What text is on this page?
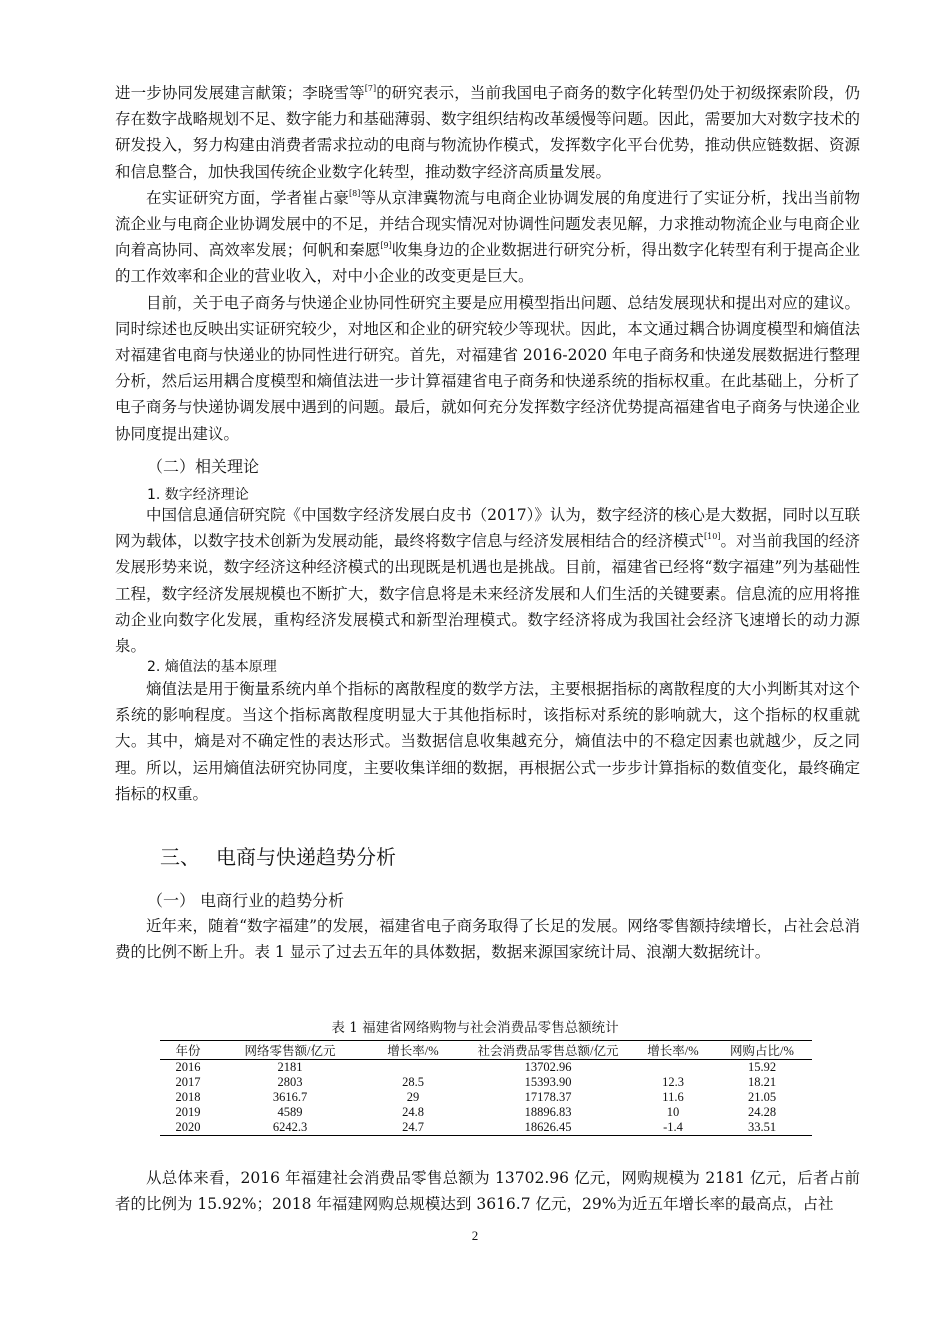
进一步协同发展建言献策；李晓雪等[7]的研究表示，当前我国电子商务的数字化转型仍处于初级探索阶段，仍存在数字战略规划不足、数字能力和基础薄弱、数字组织结构改革缓慢等问题。因此，需要加大对数字技术的研发投入，努力构建由消费者需求拉动的电商与物流协作模式，发挥数字化平台优势，推动供应链数据、资源和信息整合，加快我国传统企业数字化转型，推动数字经济高质量发展。

在实证研究方面，学者崔占豪[8]等从京津冀物流与电商企业协调发展的角度进行了实证分析，找出当前物流企业与电商企业协调发展中的不足，并结合现实情况对协调性问题发表见解，力求推动物流企业与电商企业向着高协同、高效率发展；何帆和秦愿[9]收集身边的企业数据进行研究分析，得出数字化转型有利于提高企业的工作效率和企业的营业收入，对中小企业的改变更是巨大。

目前，关于电子商务与快递企业协同性研究主要是应用模型指出问题、总结发展现状和提出对应的建议。同时综述也反映出实证研究较少，对地区和企业的研究较少等现状。因此，本文通过耦合协调度模型和熵值法对福建省电商与快递业的协同性进行研究。首先，对福建省 2016-2020 年电子商务和快递发展数据进行整理分析，然后运用耦合度模型和熵值法进一步计算福建省电子商务和快递系统的指标权重。在此基础上，分析了电子商务与快递协调发展中遇到的问题。最后，就如何充分发挥数字经济优势提高福建省电子商务与快递企业协同度提出建议。

（二）相关理论
1. 数字经济理论

中国信息通信研究院《中国数字经济发展白皮书（2017）》认为，数字经济的核心是大数据，同时以互联网为载体，以数字技术创新为发展动能，最终将数字信息与经济发展相结合的经济模式[10]。对当前我国的经济发展形势来说，数字经济这种经济模式的出现既是机遇也是挑战。目前，福建省已经将“数字福建”列为基础性工程，数字经济发展规模也不断扩大，数字信息将是未来经济发展和人们生活的关键要素。信息流的应用将推动企业向数字化发展，重构经济发展模式和新型治理模式。数字经济将成为我国社会经济飞速增长的动力源泉。

2. 熵值法的基本原理

熵值法是用于衡量系统内单个指标的离散程度的数学方法，主要根据指标的离散程度的大小判断其对这个系统的影响程度。当这个指标离散程度明显大于其他指标时，该指标对系统的影响就大，这个指标的权重就大。其中，熵是对不确定性的表达形式。当数据信息收集越充分，熵值法中的不稳定因素也就越少，反之同理。所以，运用熵值法研究协同度，主要收集详细的数据，再根据公式一步步计算指标的数值变化，最终确定指标的权重。

三、 电商与快递趋势分析
（一） 电商行业的趋势分析

近年来，随着“数字福建”的发展，福建省电子商务取得了长足的发展。网络零售额持续增长，占社会总消费的比例不断上升。表 1 显示了过去五年的具体数据，数据来源国家统计局、浪潮大数据统计。

表 1 福建省网络购物与社会消费品零售总额统计
年份	网络零售额/亿元	增长率/%	社会消费品零售总额/亿元	增长率/%	网购占比/%
2016	2181		13702.96		15.92
2017	2803	28.5	15393.90	12.3	18.21
2018	3616.7	29	17178.37	11.6	21.05
2019	4589	24.8	18896.83	10	24.28
2020	6242.3	24.7	18626.45	-1.4	33.51

从总体来看，2016 年福建社会消费品零售总额为 13702.96 亿元，网购规模为 2181 亿元，后者占前者的比例为 15.92%；2018 年福建网购总规模达到 3616.7 亿元，29%为近五年增长率的最高点，占社

2
